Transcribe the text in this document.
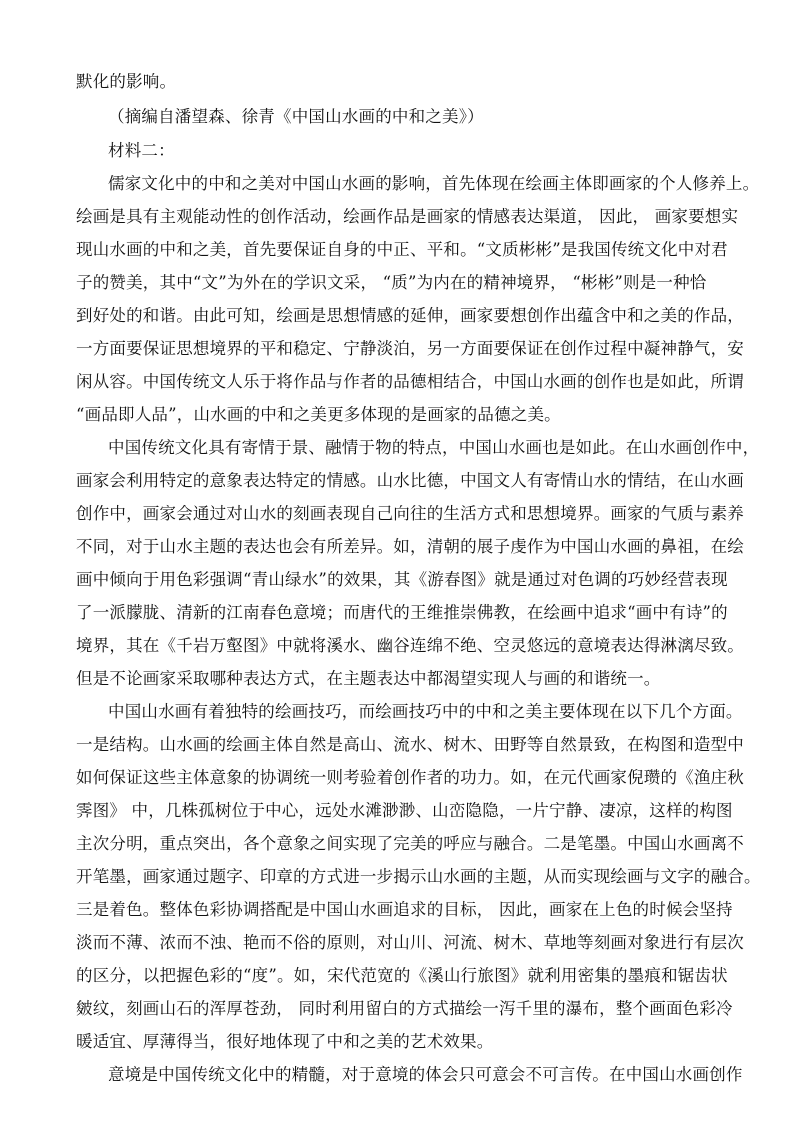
默化的影响。
（摘编自潘望森、徐青《中国山水画的中和之美》）
材料二：
儒家文化中的中和之美对中国山水画的影响，首先体现在绘画主体即画家的个人修养上。
绘画是具有主观能动性的创作活动，绘画作品是画家的情感表达渠道， 因此， 画家要想实
现山水画的中和之美，首先要保证自身的中正、平和。“文质彬彬”是我国传统文化中对君
子的赞美，其中“文”为外在的学识文采， “质”为内在的精神境界， “彬彬”则是一种恰
到好处的和谐。由此可知，绘画是思想情感的延伸，画家要想创作出蕴含中和之美的作品，
一方面要保证思想境界的平和稳定、宁静淡泊，另一方面要保证在创作过程中凝神静气，安
闲从容。中国传统文人乐于将作品与作者的品德相结合，中国山水画的创作也是如此，所谓
“画品即人品”，山水画的中和之美更多体现的是画家的品德之美。
中国传统文化具有寄情于景、融情于物的特点，中国山水画也是如此。在山水画创作中，
画家会利用特定的意象表达特定的情感。山水比德，中国文人有寄情山水的情结，在山水画
创作中，画家会通过对山水的刻画表现自己向往的生活方式和思想境界。画家的气质与素养
不同，对于山水主题的表达也会有所差异。如，清朝的展子虔作为中国山水画的鼻祖，在绘
画中倾向于用色彩强调“青山绿水”的效果，其《游春图》就是通过对色调的巧妙经营表现
了一派朦胧、清新的江南春色意境；而唐代的王维推崇佛教，在绘画中追求“画中有诗”的
境界，其在《千岩万壑图》中就将溪水、幽谷连绵不绝、空灵悠远的意境表达得淋漓尽致。
但是不论画家采取哪种表达方式，在主题表达中都渴望实现人与画的和谐统一。
中国山水画有着独特的绘画技巧，而绘画技巧中的中和之美主要体现在以下几个方面。
一是结构。山水画的绘画主体自然是高山、流水、树木、田野等自然景致，在构图和造型中
如何保证这些主体意象的协调统一则考验着创作者的功力。如，在元代画家倪瓒的《渔庄秋
霁图》 中，几株孤树位于中心，远处水滩渺渺、山峦隐隐，一片宁静、凄凉，这样的构图
主次分明，重点突出，各个意象之间实现了完美的呼应与融合。二是笔墨。中国山水画离不
开笔墨，画家通过题字、印章的方式进一步揭示山水画的主题，从而实现绘画与文字的融合。
三是着色。整体色彩协调搭配是中国山水画追求的目标， 因此，画家在上色的时候会坚持
淡而不薄、浓而不浊、艳而不俗的原则，对山川、河流、树木、草地等刻画对象进行有层次
的区分，以把握色彩的“度”。如，宋代范宽的《溪山行旅图》就利用密集的墨痕和锯齿状
皴纹，刻画山石的浑厚苍劲， 同时利用留白的方式描绘一泻千里的瀑布，整个画面色彩冷
暖适宜、厚薄得当，很好地体现了中和之美的艺术效果。
意境是中国传统文化中的精髓，对于意境的体会只可意会不可言传。在中国山水画创作
